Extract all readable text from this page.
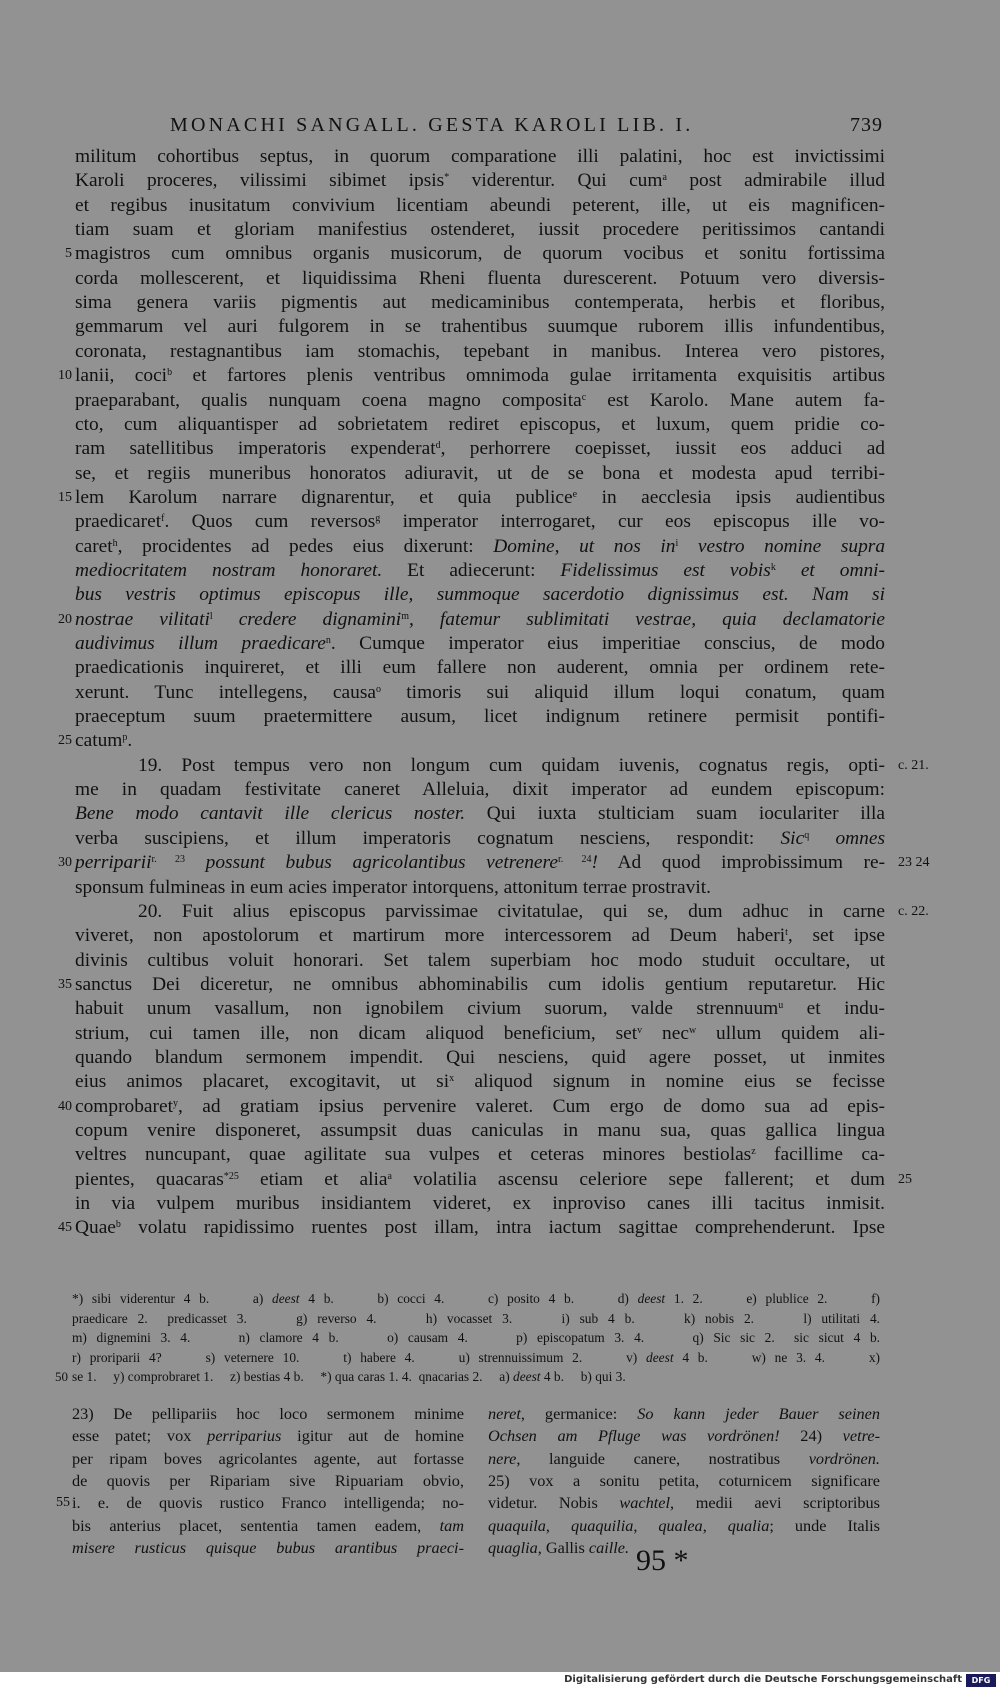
MONACHI SANGALL. GESTA KAROLI LIB. I.	739
militum cohortibus septus, in quorum comparatione illi palatini, hoc est invictissimi
Karoli proceres, vilissimi sibimet ipsis* viderentur. Qui cum$^a$ post admirabile illud
et regibus inusitatum convivium licentiam abeundi peterent, ille, ut eis magnificen-
tiam suam et gloriam manifestius ostenderet, iussit procedere peritissimos cantandi
magistros cum omnibus organis musicorum, de quorum vocibus et sonitu fortissima
5
corda mollescerent, et liquidissima Rheni fluenta durescerent. Potuum vero diversis-
sima genera variis pigmentis aut medicaminibus contemperata, herbis et floribus,
gemmarum vel auri fulgorem in se trahentibus suumque ruborem illis infundentibus,
coronata, restagnantibus iam stomachis, tepebant in manibus. Interea vero pistores,
lanii, coci$^b$ et fartores plenis ventribus omnimoda gulae irritamenta exquisitis artibus
10
praeparabant, qualis nunquam coena magno composita$^c$ est Karolo. Mane autem fa-
cto, cum aliquantisper ad sobrietatem rediret episcopus, et luxum, quem pridie co-
ram satellitibus imperatoris expenderat$^d$, perhorrere coepisset, iussit eos adduci ad
se, et regiis muneribus honoratos adiuravit, ut de se bona et modesta apud terribi-
lem Karolum narrare dignarentur, et quia publice$^e$ in aecclesia ipsis audientibus
15
praedicaret$^f$. Quos cum reversos$^g$ imperator interrogaret, cur eos episcopus ille vo-
caret$^h$, procidentes ad pedes eius dixerunt: Domine, ut nos $in^i$ vestro nomine supra
mediocritatem nostram honoraret. Et adiecerunt: Fidelissimus est vobis$^k$ et omni-
bus vestris optimus episcopus ille, summoque sacerdotio dignissimus est. Nam si
nostrae vilitati$^l$ credere dignamini$^m$, fatemur sublimitati vestrae, quia declamatorie
20
audivimus illum praedicare$^n$. Cumque imperator eius imperitiae conscius, de modo
praedicationis inquireret, et illi eum fallere non auderent, omnia per ordinem rete-
xerunt. Tunc intellegens, causa$^o$ timoris sui aliquid illum loqui conatum, quam
praeceptum suum praetermittere ausum, licet indignum retinere permisit pontifi-
catum$^p$.
25
19. Post tempus vero non longum cum quidam iuvenis, cognatus regis, opti- c. 21.
me in quadam festivitate caneret Alleluia, dixit imperator ad eundem episcopum:
Bene modo cantavit ille clericus noster. Qui iuxta stulticiam suam ioculariter illa
verba suscipiens, et illum imperatoris cognatum nesciens, respondit: Sic$^q$ omnes
perriparii$^{r. 23}$ possunt bubus agricolantibus vetrenere$^{r. 24}$! Ad quod improbissimum re-
30	23 24
sponsum fulmineas in eum acies imperator intorquens, attonitum terrae prostravit.
20. Fuit alius episcopus parvissimae civitatulae, qui se, dum adhuc in carne c. 22.
viveret, non apostolorum et martirum more intercessorem ad Deum haberi$^t$, set ipse
divinis cultibus voluit honorari. Set talem superbiam hoc modo studuit occultare, ut
sanctus Dei diceretur, ne omnibus abhominabilis cum idolis gentium reputaretur. Hic
35
habuit unum vasallum, non ignobilem civium suorum, valde strennuum$^u$ et indu-
strium, cui tamen ille, non dicam aliquod beneficium, set$^v$ nec$^w$ ullum quidem ali-
quando blandum sermonem impendit. Qui nesciens, quid agere posset, ut inmites
eius animos placaret, excogitavit, ut $si^x$ aliquod signum in nomine eius se fecisse
comprobaret$^y$, ad gratiam ipsius pervenire valeret. Cum ergo de domo sua ad epis-
40
copum venire disponeret, assumpsit duas caniculas in manu sua, quas gallica lingua
veltres nuncupant, quae agilitate sua vulpes et ceteras minores bestiolas$^z$ facillime ca-
pientes, quacaras$^{*25}$ etiam et alia$^a$ volatilia ascensu celeriore sepe fallerent; et dum 25
in via vulpem muribus insidiantem videret, ex inproviso canes illi tacitus inmisit.
Quae$^b$ volatu rapidissimo ruentes post illam, intra iactum sagittae comprehenderunt. Ipse
45
*) sibi viderentur 4 b.     a) deest 4 b.     b) cocci 4.     c) posito 4 b.     d) deest 1. 2.     e) plublice 2.     f)
praedicare 2.  predicasset 3.     g) reverso 4.     h) vocasset 3.     i) sub 4 b.     k) nobis 2.     l) utilitati 4.
m) dignemini 3. 4.     n) clamore 4 b.     o) causam 4.     p) episcopatum 3. 4.     q) Sic sic 2.  sic sicut 4 b.
r) proriparii 4?     s) veternere 10.     t) habere 4.     u) strennuissimum 2.     v) deest 4 b.     w) ne 3. 4.     x)
se 1.     y) comprobraret 1.     z) bestias 4 b.     *) qua caras 1. 4.  qnacarias 2.     a) deest 4 b.     b) qui 3.
50
23) De pellipariis hoc loco sermonem minime
esse patet; vox perriparius igitur aut de homine
per ripam boves agricolantes agente, aut fortasse
de quovis per Ripariam sive Ripuariam obvio,
i. e. de quovis rustico Franco intelligenda; no-
55
bis anterius placet, sententia tamen eadem, tam
misere rusticus quisque bubus arantibus praeci-
neret, germanice: So kann jeder Bauer seinen
Ochsen am Pfluge was vordrönen! 24) vetre-
nere, languide canere, nostratibus vordrönen.
25) vox a sonitu petita, coturnicem significare
videtur. Nobis wachtel, medii aevi scriptoribus
quaquila, quaquilia, qualea, qualia; unde Italis
quaglia, Gallis caille. 95 *
Digitalisierung gefördert durch die Deutsche Forschungsgemeinschaft	DFG
